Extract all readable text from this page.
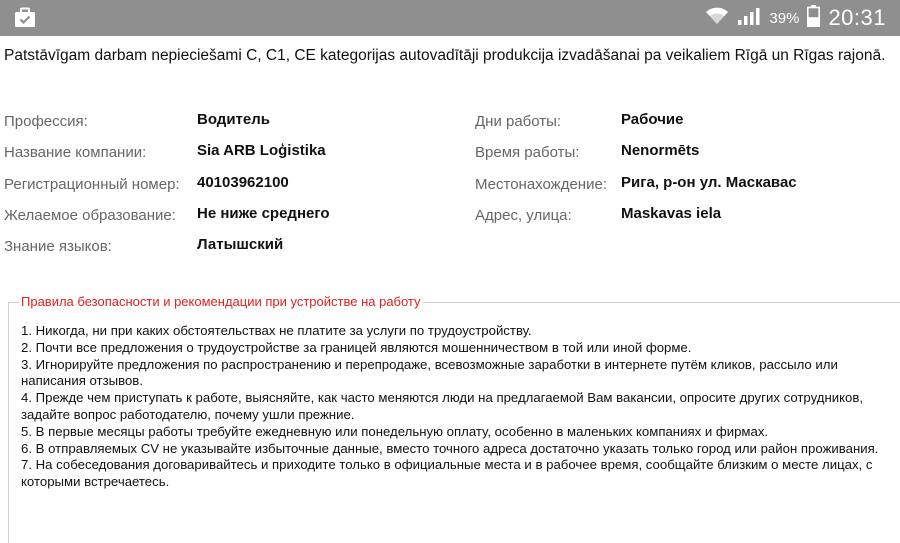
39% 20:31
Patstāvīgam darbam nepieciešami C, C1, CE kategorijas autovadītāji produkcija izvadāšanai pa veikaliem Rīgā un Rīgas rajonā.
Профессия:	Водитель
Название компании:	Sia ARB Loģistika
Регистрационный номер: 40103962100
Желаемое образование: Не ниже среднего
Знание языков:	Латышский
Дни работы:	Рабочие
Время работы:	Nenormēts
Местонахождение: Рига, р-он ул. Маскавас
Адрес, улица:	Maskavas iela
Правила безопасности и рекомендации при устройстве на работу

1. Никогда, ни при каких обстоятельствах не платите за услуги по трудоустройству.

2. Почти все предложения о трудоустройстве за границей являются мошенничеством в той или иной форме.

3. Игнорируйте предложения по распространению и перепродаже, всевозможные заработки в интернете путём кликов, рассыло или написания отзывов.

4. Прежде чем приступать к работе, выясняйте, как часто меняются люди на предлагаемой Вам вакансии, опросите других сотрудников, задайте вопрос работодателю, почему ушли прежние.

5. В первые месяцы работы требуйте ежедневную или понедельную оплату, особенно в маленьких компаниях и фирмах.

6. В отправляемых CV не указывайте избыточные данные, вместо точного адреса достаточно указать только город или район проживания.

7. На собеседования договаривайтесь и приходите только в официальные места и в рабочее время, сообщайте близким о месте лицах, с которыми встречаетесь.
